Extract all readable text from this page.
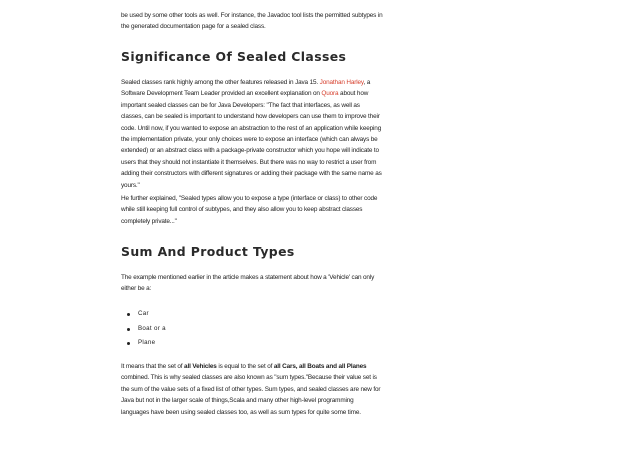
be used by some other tools as well. For instance, the Javadoc tool lists the permitted subtypes in the generated documentation page for a sealed class.

Significance Of Sealed Classes

Sealed classes rank highly among the other features released in Java 15. Jonathan Harley, a Software Development Team Leader provided an excellent explanation on Quora about how important sealed classes can be for Java Developers: "The fact that interfaces, as well as classes, can be sealed is important to understand how developers can use them to improve their code. Until now, if you wanted to expose an abstraction to the rest of an application while keeping the implementation private, your only choices were to expose an interface (which can always be extended) or an abstract class with a package-private constructor which you hope will indicate to users that they should not instantiate it themselves. But there was no way to restrict a user from adding their constructors with different signatures or adding their package with the same name as yours."

He further explained, "Sealed types allow you to expose a type (interface or class) to other code while still keeping full control of subtypes, and they also allow you to keep abstract classes completely private..."

Sum And Product Types

The example mentioned earlier in the article makes a statement about how a 'Vehicle' can only either be a:

Car
Boat or a
Plane

It means that the set of all Vehicles is equal to the set of all Cars, all Boats and all Planes combined. This is why sealed classes are also known as "sum types."Because their value set is the sum of the value sets of a fixed list of other types. Sum types, and sealed classes are new for Java but not in the larger scale of things,Scala and many other high-level programming languages have been using sealed classes too, as well as sum types for quite some time.
